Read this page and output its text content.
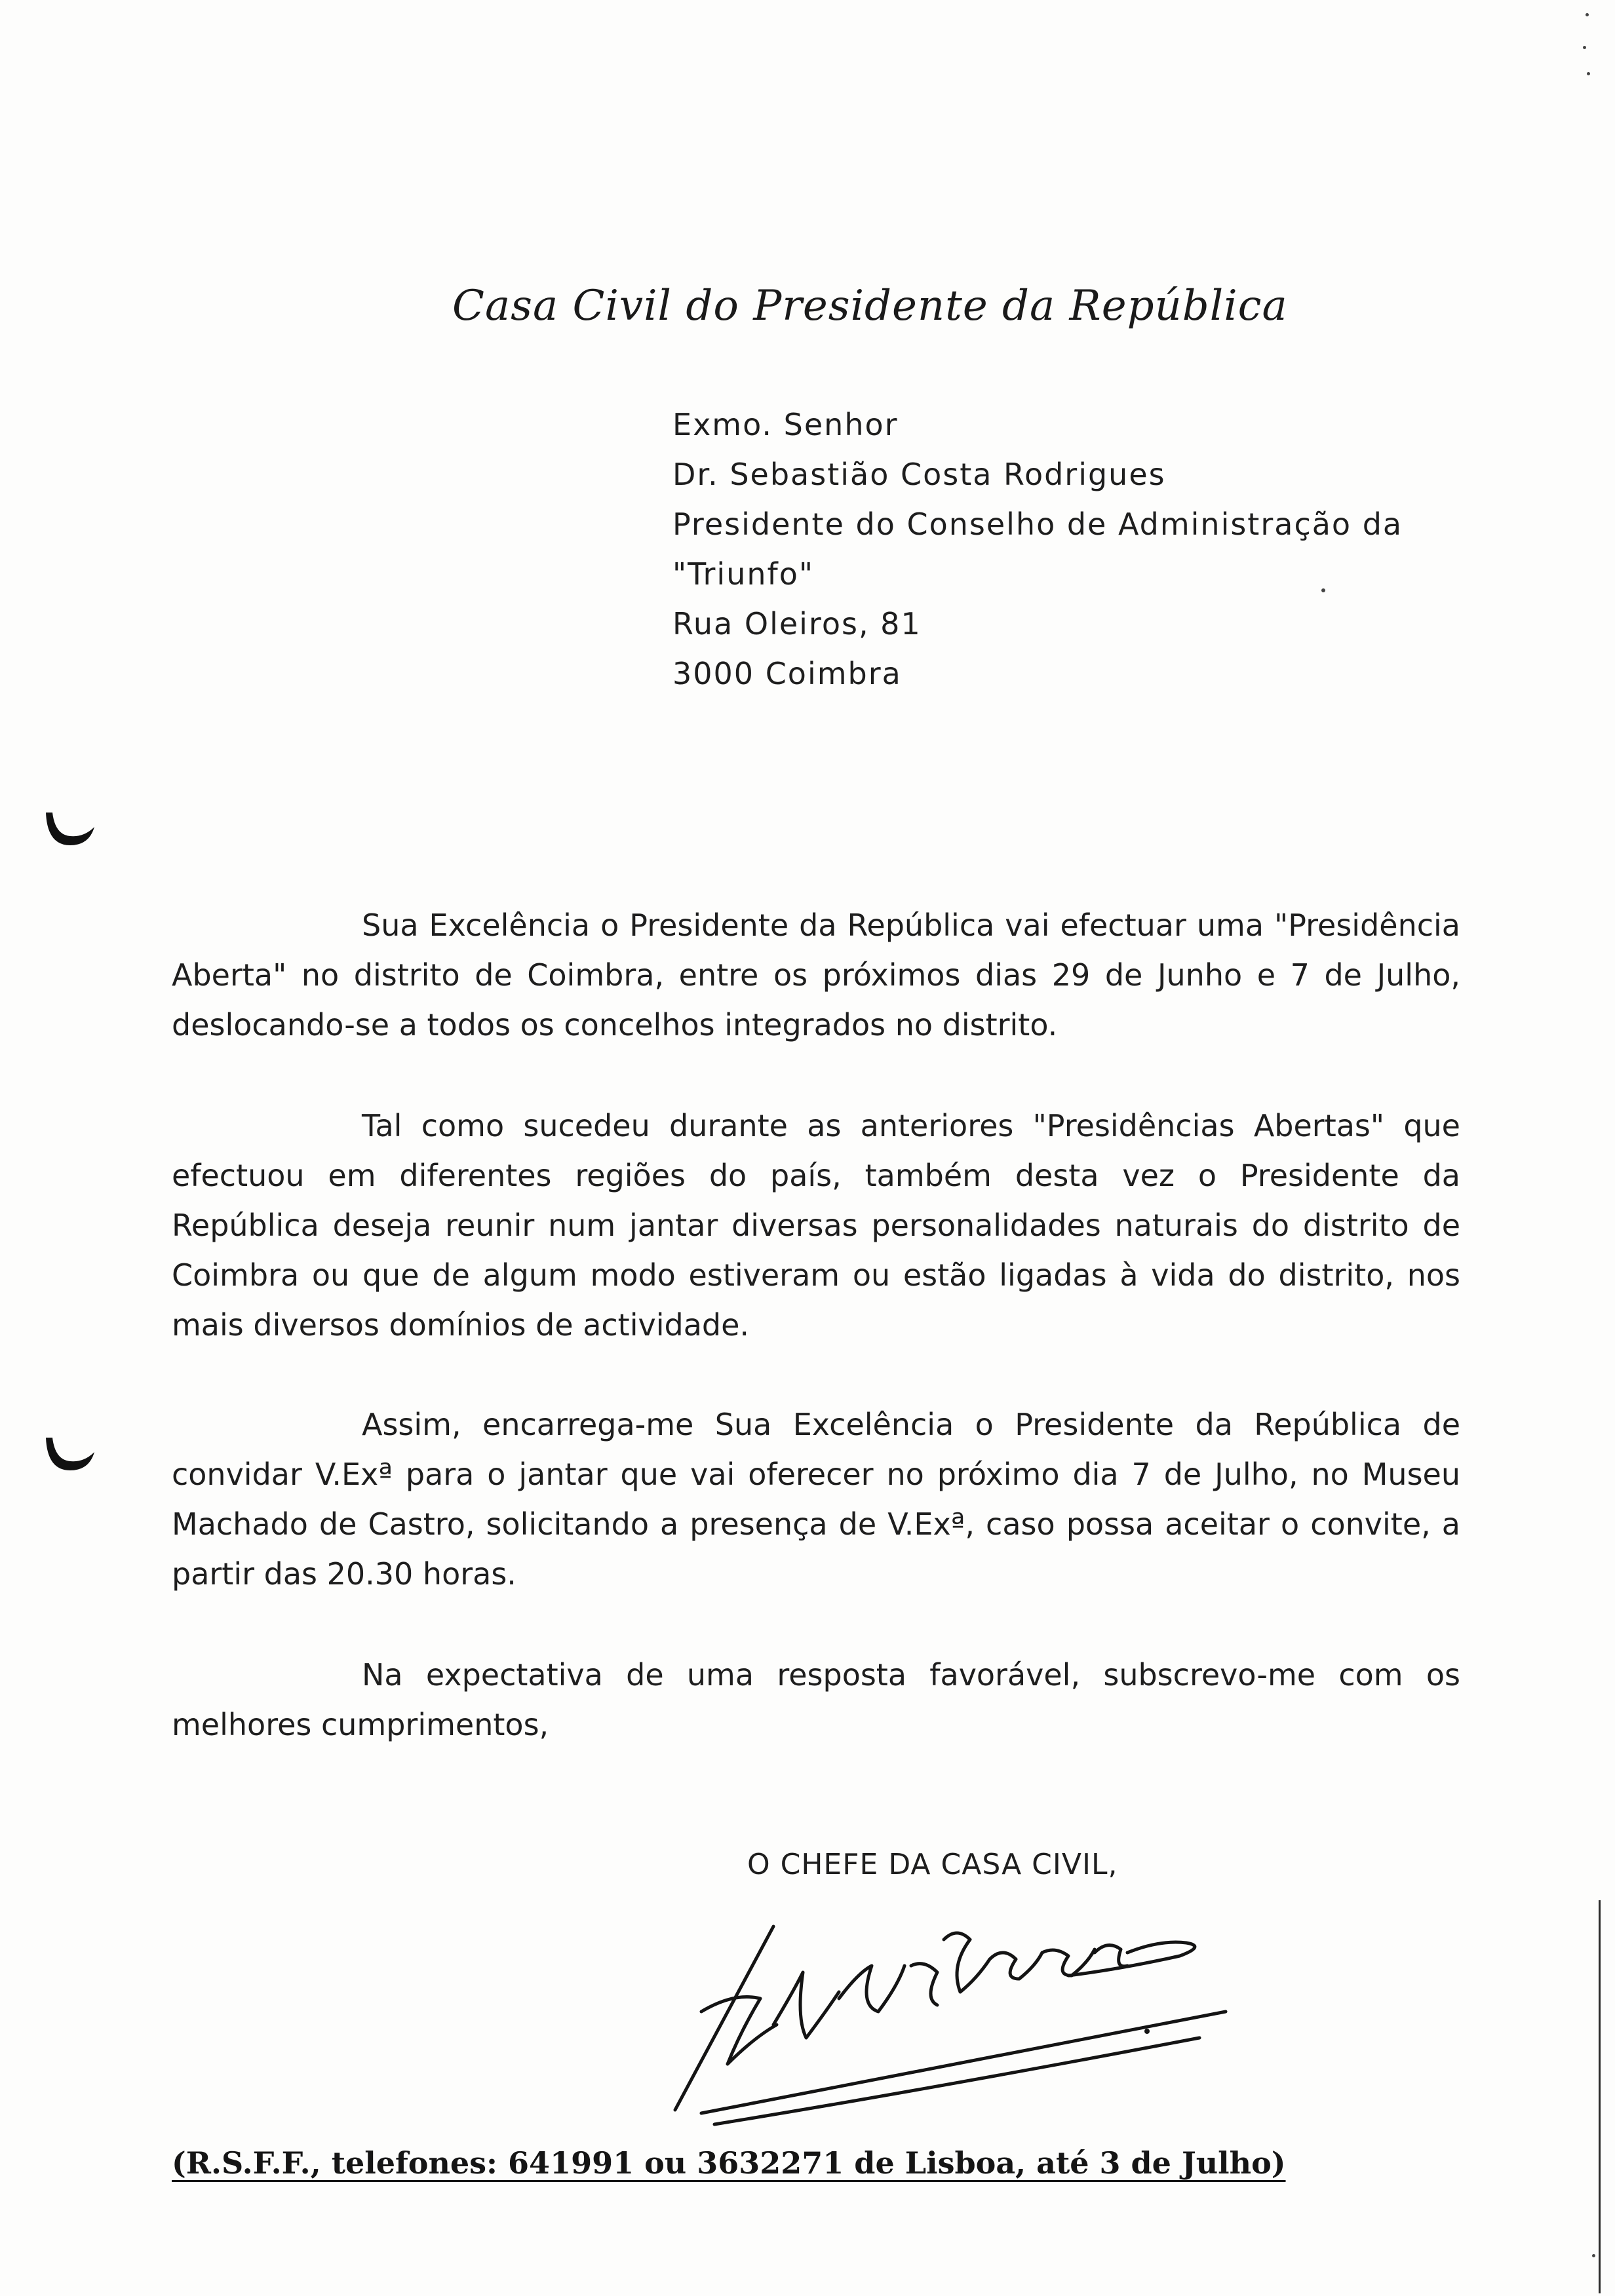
Casa Civil do Presidente da República
Exmo. Senhor
Dr. Sebastião Costa Rodrigues
Presidente do Conselho de Administração da
"Triunfo"
Rua Oleiros, 81
3000 Coimbra

Sua Excelência o Presidente da República vai efectuar uma "Presidência Aberta" no distrito de Coimbra, entre os próximos dias 29 de Junho e 7 de Julho, deslocando-se a todos os concelhos integrados no distrito.

Tal como sucedeu durante as anteriores "Presidências Abertas" que efectuou em diferentes regiões do país, também desta vez o Presidente da República deseja reunir num jantar diversas personalidades naturais do distrito de Coimbra ou que de algum modo estiveram ou estão ligadas à vida do distrito, nos mais diversos domínios de actividade.

Assim, encarrega-me Sua Excelência o Presidente da República de convidar V.Exª para o jantar que vai oferecer no próximo dia 7 de Julho, no Museu Machado de Castro, solicitando a presença de V.Exª, caso possa aceitar o convite, a partir das 20.30 horas.

Na expectativa de uma resposta favorável, subscrevo-me com os melhores cumprimentos,

O CHEFE DA CASA CIVIL,
(R.S.F.F., telefones: 641991 ou 3632271 de Lisboa, até 3 de Julho)
